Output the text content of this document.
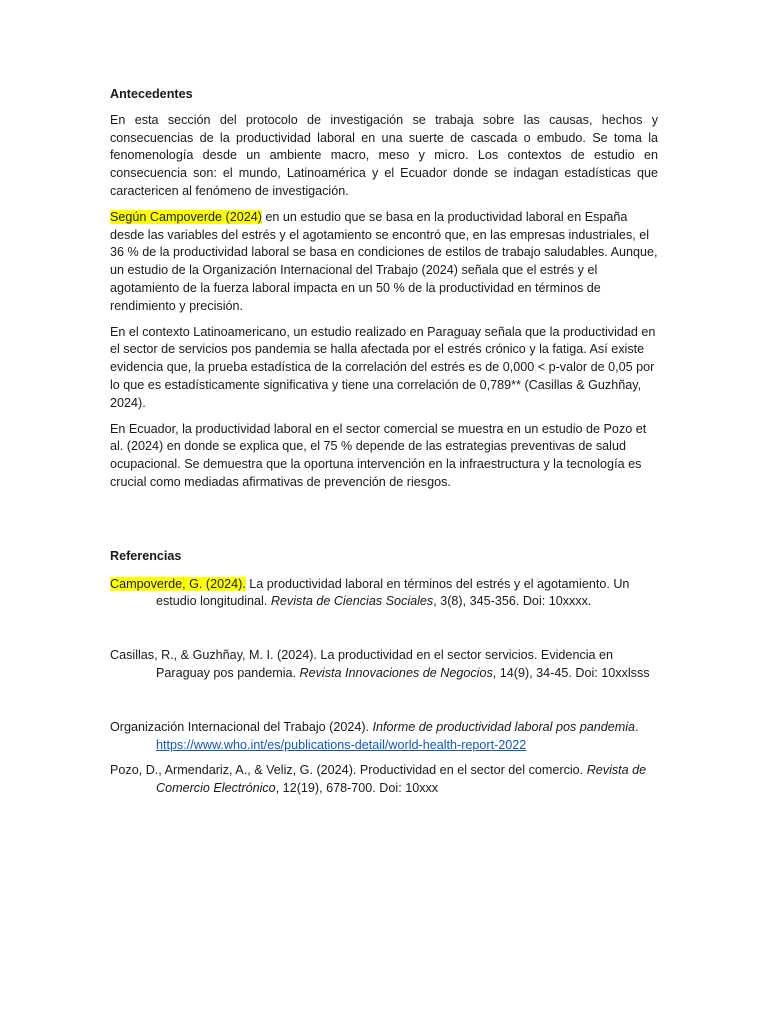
Antecedentes

En esta sección del protocolo de investigación se trabaja sobre las causas, hechos y consecuencias de la productividad laboral en una suerte de cascada o embudo. Se toma la fenomenología desde un ambiente macro, meso y micro. Los contextos de estudio en consecuencia son: el mundo, Latinoamérica y el Ecuador donde se indagan estadísticas que caractericen al fenómeno de investigación.

Según Campoverde (2024) en un estudio que se basa en la productividad laboral en España desde las variables del estrés y el agotamiento se encontró que, en las empresas industriales, el 36 % de la productividad laboral se basa en condiciones de estilos de trabajo saludables. Aunque, un estudio de la Organización Internacional del Trabajo (2024) señala que el estrés y el agotamiento de la fuerza laboral impacta en un 50 % de la productividad en términos de rendimiento y precisión.

En el contexto Latinoamericano, un estudio realizado en Paraguay señala que la productividad en el sector de servicios pos pandemia se halla afectada por el estrés crónico y la fatiga. Así existe evidencia que, la prueba estadística de la correlación del estrés es de 0,000 < p-valor de 0,05 por lo que es estadísticamente significativa y tiene una correlación de 0,789** (Casillas & Guzhñay, 2024).

En Ecuador, la productividad laboral en el sector comercial se muestra en un estudio de Pozo et al. (2024) en donde se explica que, el 75 % depende de las estrategias preventivas de salud ocupacional. Se demuestra que la oportuna intervención en la infraestructura y la tecnología es crucial como mediadas afirmativas de prevención de riesgos.

Referencias

Campoverde, G. (2024). La productividad laboral en términos del estrés y el agotamiento. Un estudio longitudinal. Revista de Ciencias Sociales, 3(8), 345-356. Doi: 10xxxx.

Casillas, R., & Guzhñay, M. I. (2024). La productividad en el sector servicios. Evidencia en Paraguay pos pandemia. Revista Innovaciones de Negocios, 14(9), 34-45. Doi: 10xxlsss

Organización Internacional del Trabajo (2024). Informe de productividad laboral pos pandemia.
https://www.who.int/es/publications-detail/world-health-report-2022

Pozo, D., Armendariz, A., & Veliz, G. (2024). Productividad en el sector del comercio. Revista de Comercio Electrónico, 12(19), 678-700. Doi: 10xxx
